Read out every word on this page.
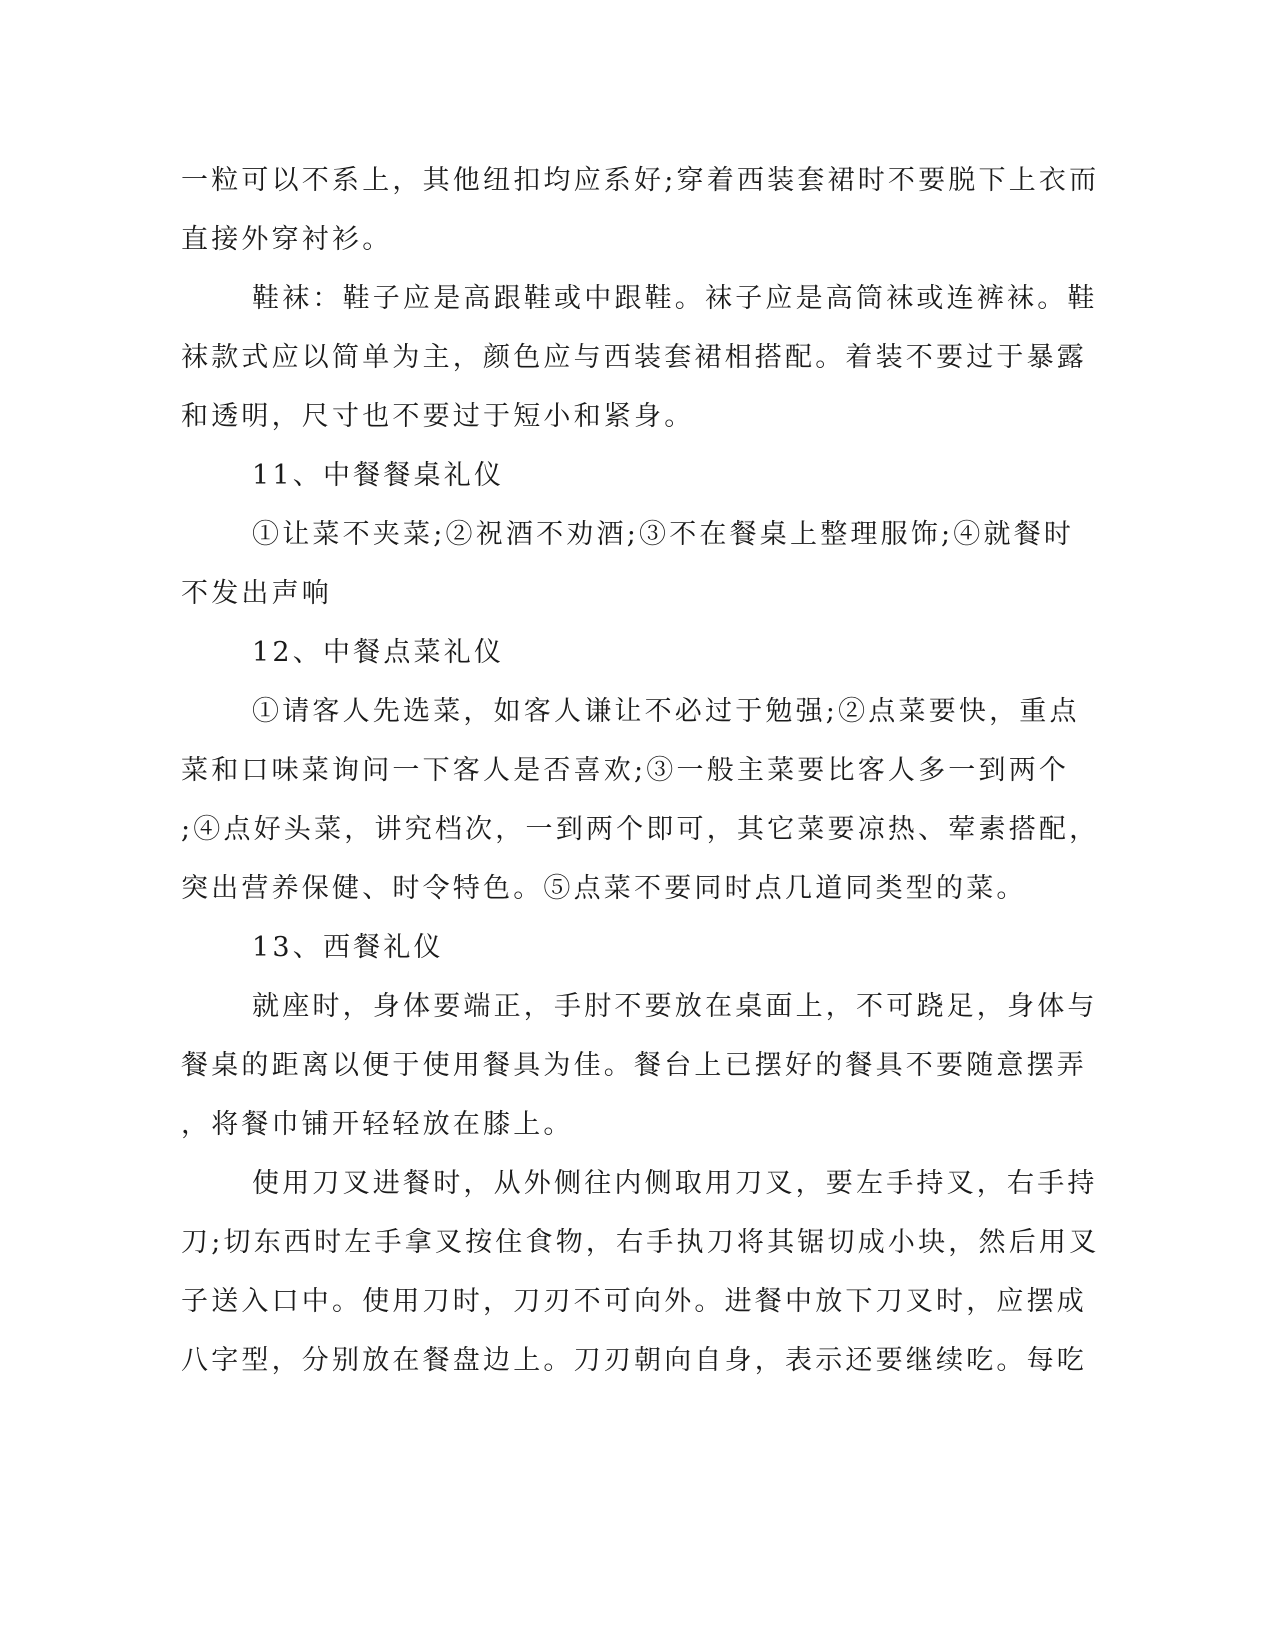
一粒可以不系上，其他纽扣均应系好;穿着西装套裙时不要脱下上衣而
直接外穿衬衫。
鞋袜：鞋子应是高跟鞋或中跟鞋。袜子应是高筒袜或连裤袜。鞋
袜款式应以简单为主，颜色应与西装套裙相搭配。着装不要过于暴露
和透明，尺寸也不要过于短小和紧身。
11、中餐餐桌礼仪
①让菜不夹菜;②祝酒不劝酒;③不在餐桌上整理服饰;④就餐时
不发出声响
12、中餐点菜礼仪
①请客人先选菜，如客人谦让不必过于勉强;②点菜要快，重点
菜和口味菜询问一下客人是否喜欢;③一般主菜要比客人多一到两个
;④点好头菜，讲究档次，一到两个即可，其它菜要凉热、荤素搭配，
突出营养保健、时令特色。⑤点菜不要同时点几道同类型的菜。
13、西餐礼仪
就座时，身体要端正，手肘不要放在桌面上，不可跷足，身体与
餐桌的距离以便于使用餐具为佳。餐台上已摆好的餐具不要随意摆弄
，将餐巾铺开轻轻放在膝上。
使用刀叉进餐时，从外侧往内侧取用刀叉，要左手持叉，右手持
刀;切东西时左手拿叉按住食物，右手执刀将其锯切成小块，然后用叉
子送入口中。使用刀时，刀刃不可向外。进餐中放下刀叉时，应摆成
八字型，分别放在餐盘边上。刀刃朝向自身，表示还要继续吃。每吃
